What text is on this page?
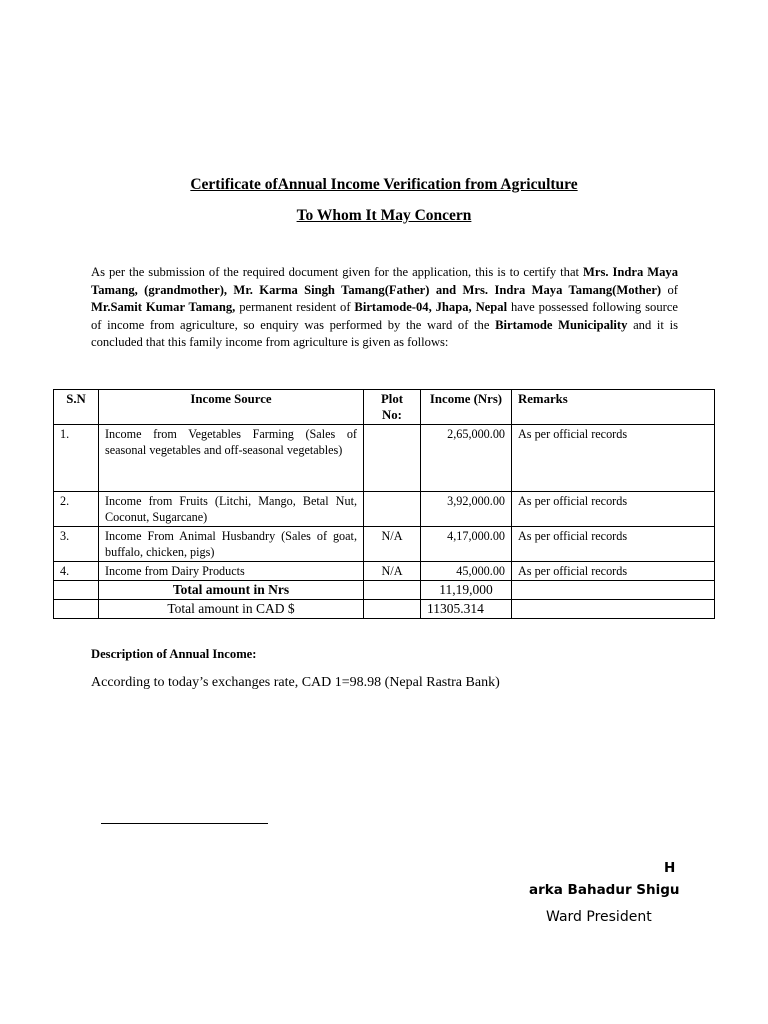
Certificate ofAnnual Income Verification from Agriculture
To Whom It May Concern
As per the submission of the required document given for the application, this is to certify that Mrs. Indra Maya Tamang, (grandmother), Mr. Karma Singh Tamang(Father) and Mrs. Indra Maya Tamang(Mother) of Mr.Samit Kumar Tamang, permanent resident of Birtamode-04, Jhapa, Nepal have possessed following source of income from agriculture, so enquiry was performed by the ward of the Birtamode Municipality and it is concluded that this family income from agriculture is given as follows:
S.N	Income Source	Plot No:	Income (Nrs)	Remarks
1.	Income from Vegetables Farming (Sales of seasonal vegetables and off-seasonal vegetables)		2,65,000.00	As per official records
2.	Income from Fruits (Litchi, Mango, Betal Nut, Coconut, Sugarcane)		3,92,000.00	As per official records
3.	Income From Animal Husbandry (Sales of goat, buffalo, chicken, pigs)	N/A	4,17,000.00	As per official records
4.	Income from Dairy Products	N/A	45,000.00	As per official records
	Total amount in Nrs		11,19,000	
	Total amount in CAD $		11305.314	
Description of Annual Income:
According to today’s exchanges rate, CAD 1=98.98 (Nepal Rastra Bank)
H
arka Bahadur Shigu
Ward President
